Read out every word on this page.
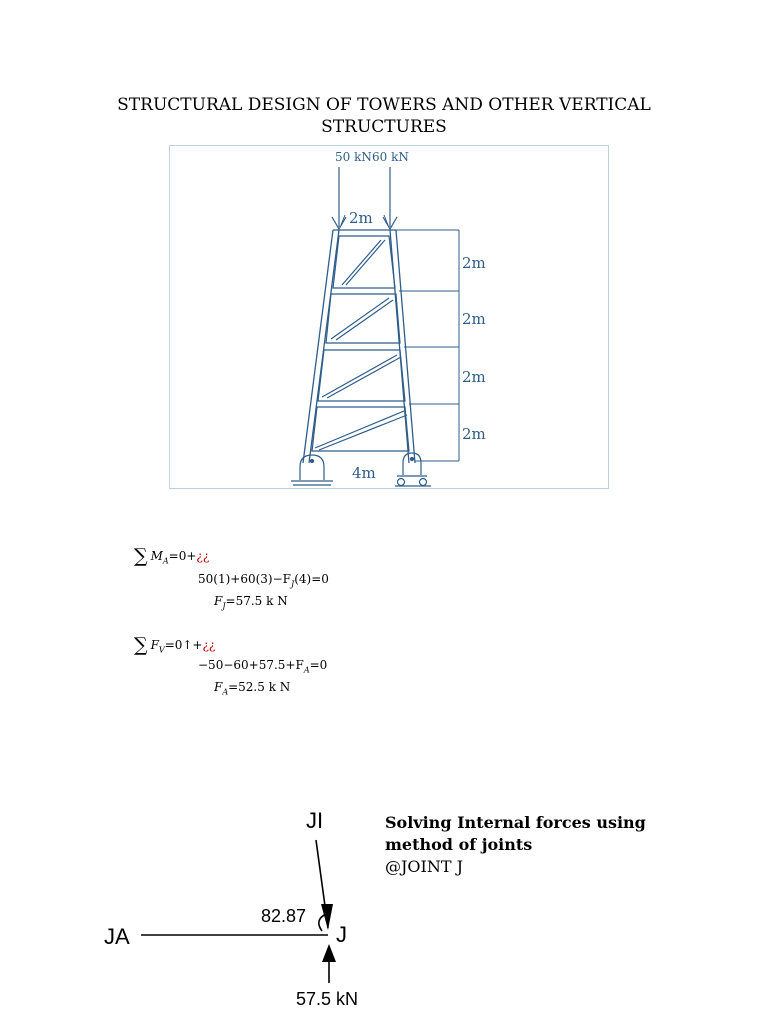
STRUCTURAL DESIGN OF TOWERS AND OTHER VERTICAL STRUCTURES
50 kN 60 kN
2m
2m
2m
2m
2m
4m
∑ $M_A=0+¿¿$
$50(1)+60(3)-F_J(4)=0$
$F_J=57.5$ k N
∑ $F_V=0↑+¿¿$
$-50-60+57.5+F_A=0$
$F_A=52.5$ k N
JI
JA	J
82.87
57.5 kN
Solving Internal forces using method of joints
@JOINT J
